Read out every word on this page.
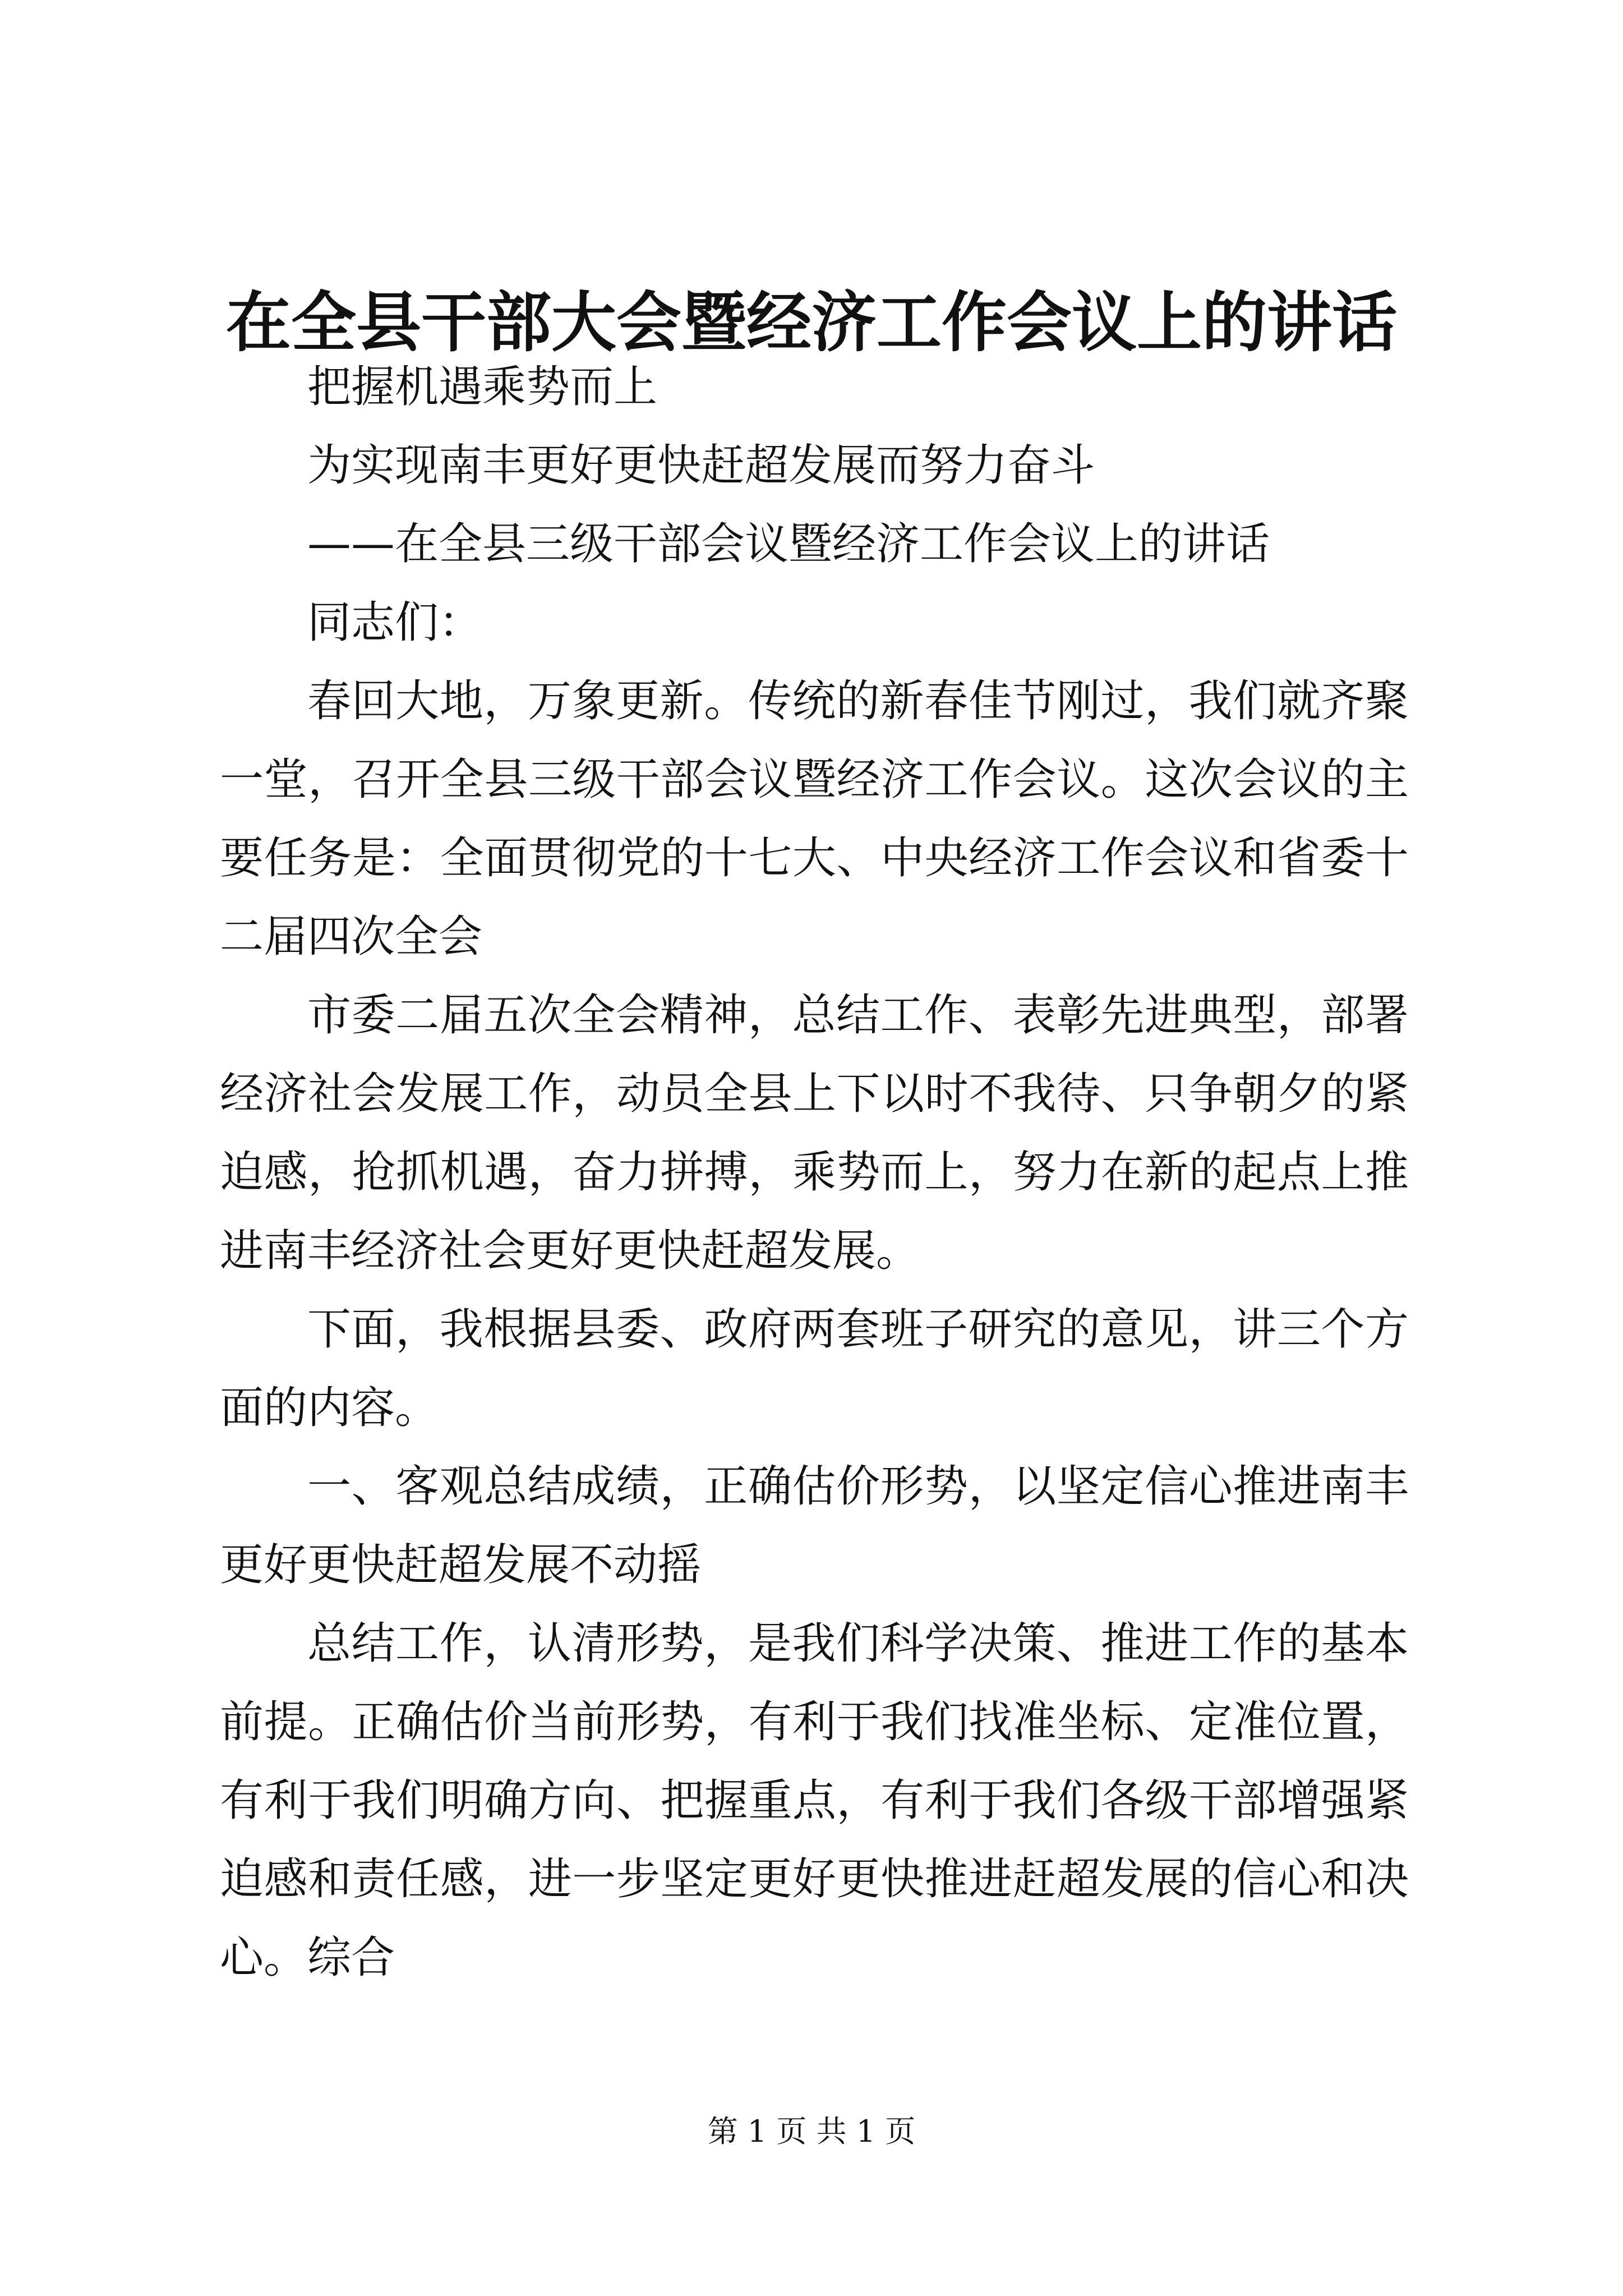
在全县干部大会暨经济工作会议上的讲话

把握机遇乘势而上

为实现南丰更好更快赶超发展而努力奋斗

——在全县三级干部会议暨经济工作会议上的讲话

同志们：

春回大地，万象更新。传统的新春佳节刚过，我们就齐聚一堂，召开全县三级干部会议暨经济工作会议。这次会议的主要任务是：全面贯彻党的十七大、中央经济工作会议和省委十二届四次全会

市委二届五次全会精神，总结工作、表彰先进典型，部署经济社会发展工作，动员全县上下以时不我待、只争朝夕的紧迫感，抢抓机遇，奋力拼搏，乘势而上，努力在新的起点上推进南丰经济社会更好更快赶超发展。

下面，我根据县委、政府两套班子研究的意见，讲三个方面的内容。

一、客观总结成绩，正确估价形势，以坚定信心推进南丰更好更快赶超发展不动摇

总结工作，认清形势，是我们科学决策、推进工作的基本前提。正确估价当前形势，有利于我们找准坐标、定准位置，有利于我们明确方向、把握重点，有利于我们各级干部增强紧迫感和责任感，进一步坚定更好更快推进赶超发展的信心和决心。综合

第 1 页 共 1 页
